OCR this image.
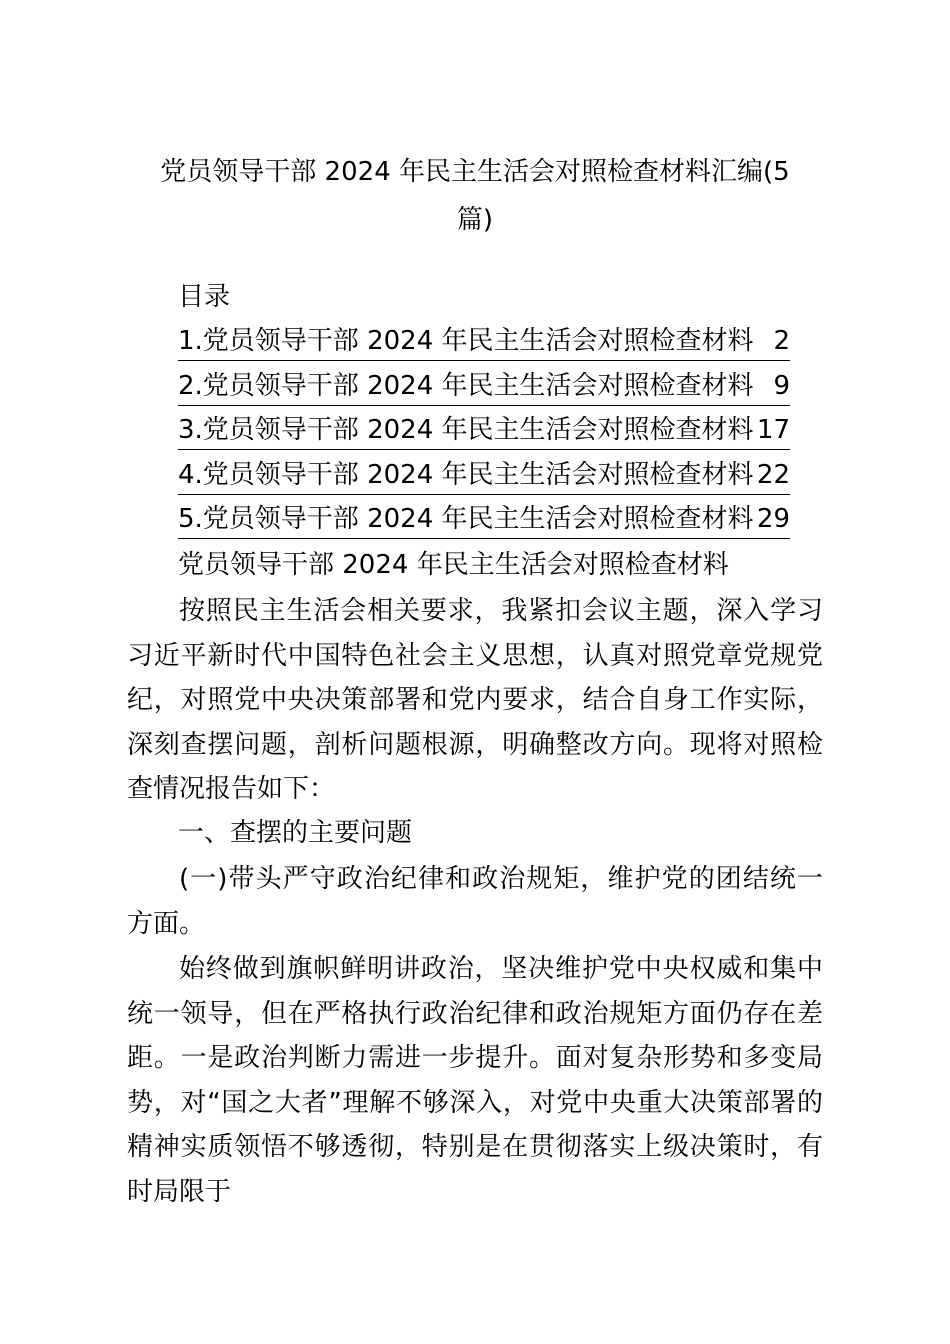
党员领导干部 2024 年民主生活会对照检查材料汇编(5
篇)
目录
1.党员领导干部 2024 年民主生活会对照检查材料 2
2.党员领导干部 2024 年民主生活会对照检查材料 9
3.党员领导干部 2024 年民主生活会对照检查材料 17
4.党员领导干部 2024 年民主生活会对照检查材料 22
5.党员领导干部 2024 年民主生活会对照检查材料 29
党员领导干部 2024 年民主生活会对照检查材料
按照民主生活会相关要求，我紧扣会议主题，深入学习习近平新时代中国特色社会主义思想，认真对照党章党规党纪，对照党中央决策部署和党内要求，结合自身工作实际，深刻查摆问题，剖析问题根源，明确整改方向。现将对照检查情况报告如下：
一、查摆的主要问题
(一)带头严守政治纪律和政治规矩，维护党的团结统一方面。
始终做到旗帜鲜明讲政治，坚决维护党中央权威和集中统一领导，但在严格执行政治纪律和政治规矩方面仍存在差距。一是政治判断力需进一步提升。面对复杂形势和多变局势，对“国之大者”理解不够深入，对党中央重大决策部署的精神实质领悟不够透彻，特别是在贯彻落实上级决策时，有时局限于
